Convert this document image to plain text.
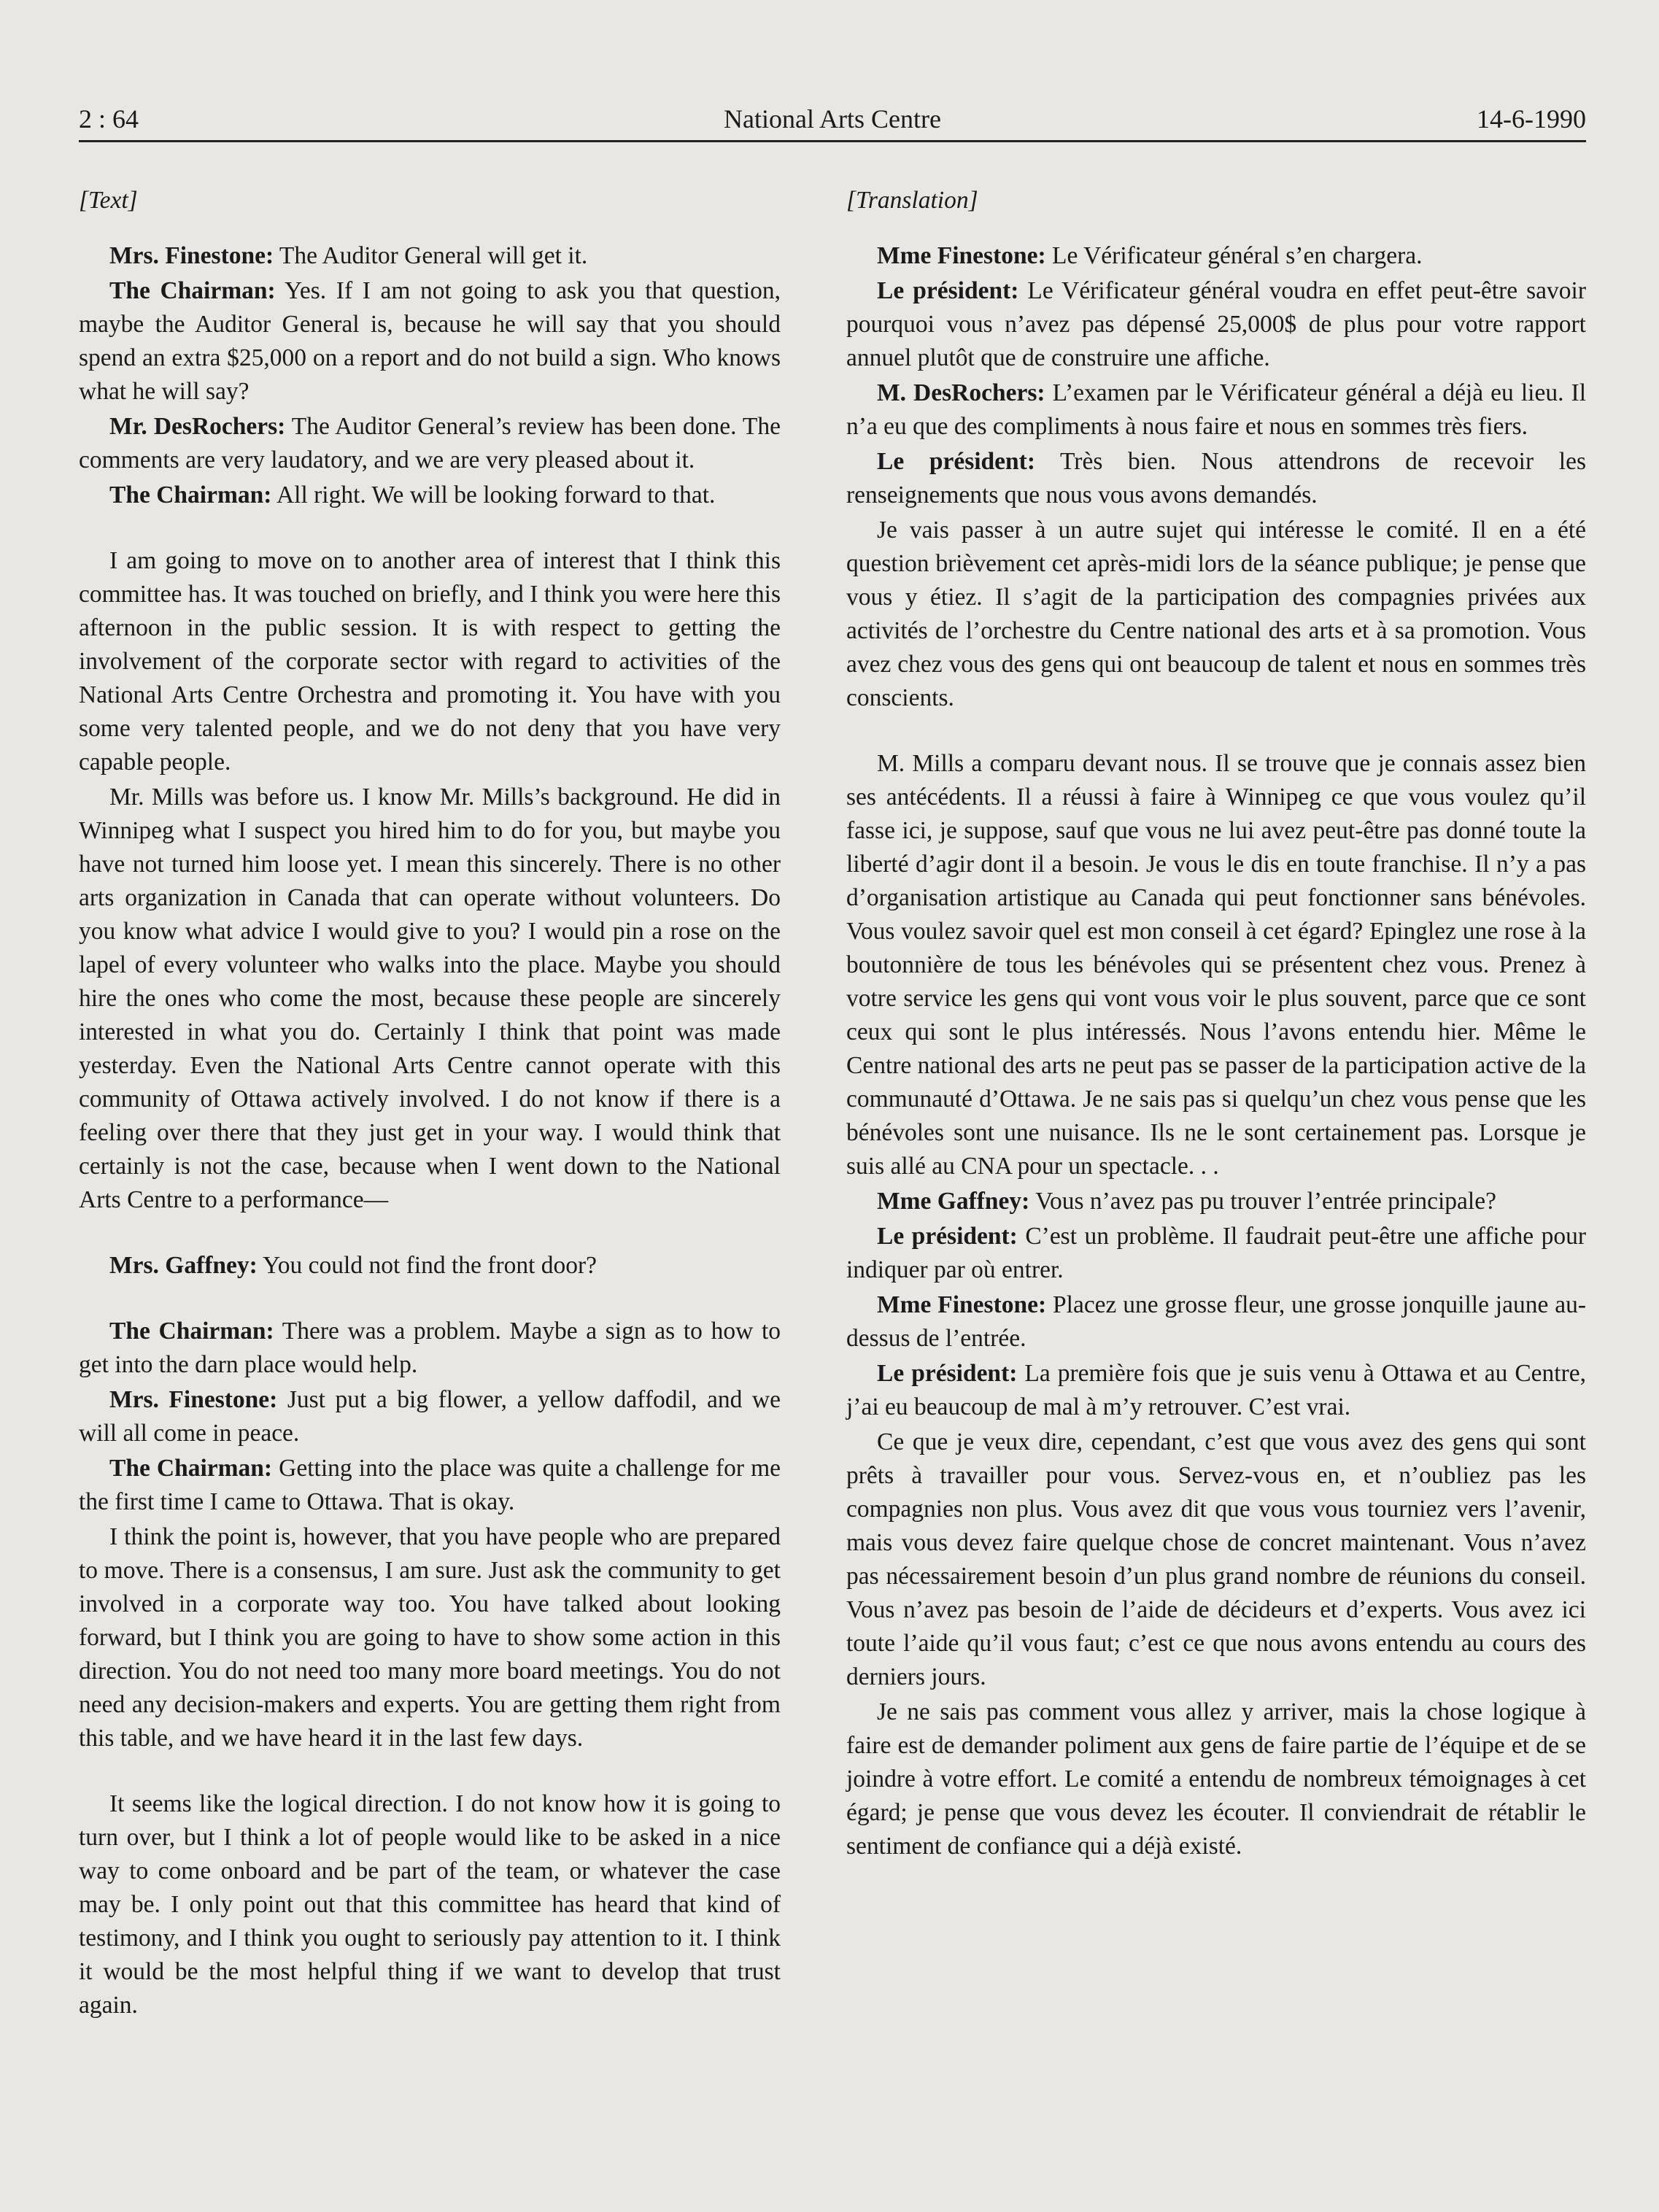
2 : 64	National Arts Centre	14-6-1990
[Text]

Mrs. Finestone: The Auditor General will get it.

The Chairman: Yes. If I am not going to ask you that question, maybe the Auditor General is, because he will say that you should spend an extra $25,000 on a report and do not build a sign. Who knows what he will say?

Mr. DesRochers: The Auditor General’s review has been done. The comments are very laudatory, and we are very pleased about it.

The Chairman: All right. We will be looking forward to that.

I am going to move on to another area of interest that I think this committee has. It was touched on briefly, and I think you were here this afternoon in the public session. It is with respect to getting the involvement of the corporate sector with regard to activities of the National Arts Centre Orchestra and promoting it. You have with you some very talented people, and we do not deny that you have very capable people.

Mr. Mills was before us. I know Mr. Mills’s background. He did in Winnipeg what I suspect you hired him to do for you, but maybe you have not turned him loose yet. I mean this sincerely. There is no other arts organization in Canada that can operate without volunteers. Do you know what advice I would give to you? I would pin a rose on the lapel of every volunteer who walks into the place. Maybe you should hire the ones who come the most, because these people are sincerely interested in what you do. Certainly I think that point was made yesterday. Even the National Arts Centre cannot operate with this community of Ottawa actively involved. I do not know if there is a feeling over there that they just get in your way. I would think that certainly is not the case, because when I went down to the National Arts Centre to a performance—

Mrs. Gaffney: You could not find the front door?

The Chairman: There was a problem. Maybe a sign as to how to get into the darn place would help.

Mrs. Finestone: Just put a big flower, a yellow daffodil, and we will all come in peace.

The Chairman: Getting into the place was quite a challenge for me the first time I came to Ottawa. That is okay.

I think the point is, however, that you have people who are prepared to move. There is a consensus, I am sure. Just ask the community to get involved in a corporate way too. You have talked about looking forward, but I think you are going to have to show some action in this direction. You do not need too many more board meetings. You do not need any decision-makers and experts. You are getting them right from this table, and we have heard it in the last few days.

It seems like the logical direction. I do not know how it is going to turn over, but I think a lot of people would like to be asked in a nice way to come onboard and be part of the team, or whatever the case may be. I only point out that this committee has heard that kind of testimony, and I think you ought to seriously pay attention to it. I think it would be the most helpful thing if we want to develop that trust again.

[Translation]

Mme Finestone: Le Vérificateur général s’en chargera.

Le président: Le Vérificateur général voudra en effet peut-être savoir pourquoi vous n’avez pas dépensé 25,000$ de plus pour votre rapport annuel plutôt que de construire une affiche.

M. DesRochers: L’examen par le Vérificateur général a déjà eu lieu. Il n’a eu que des compliments à nous faire et nous en sommes très fiers.

Le président: Très bien. Nous attendrons de recevoir les renseignements que nous vous avons demandés.

Je vais passer à un autre sujet qui intéresse le comité. Il en a été question brièvement cet après-midi lors de la séance publique; je pense que vous y étiez. Il s’agit de la participation des compagnies privées aux activités de l’orchestre du Centre national des arts et à sa promotion. Vous avez chez vous des gens qui ont beaucoup de talent et nous en sommes très conscients.

M. Mills a comparu devant nous. Il se trouve que je connais assez bien ses antécédents. Il a réussi à faire à Winnipeg ce que vous voulez qu’il fasse ici, je suppose, sauf que vous ne lui avez peut-être pas donné toute la liberté d’agir dont il a besoin. Je vous le dis en toute franchise. Il n’y a pas d’organisation artistique au Canada qui peut fonctionner sans bénévoles. Vous voulez savoir quel est mon conseil à cet égard? Epinglez une rose à la boutonnière de tous les bénévoles qui se présentent chez vous. Prenez à votre service les gens qui vont vous voir le plus souvent, parce que ce sont ceux qui sont le plus intéressés. Nous l’avons entendu hier. Même le Centre national des arts ne peut pas se passer de la participation active de la communauté d’Ottawa. Je ne sais pas si quelqu’un chez vous pense que les bénévoles sont une nuisance. Ils ne le sont certainement pas. Lorsque je suis allé au CNA pour un spectacle. . .

Mme Gaffney: Vous n’avez pas pu trouver l’entrée principale?

Le président: C’est un problème. Il faudrait peut-être une affiche pour indiquer par où entrer.

Mme Finestone: Placez une grosse fleur, une grosse jonquille jaune au-dessus de l’entrée.

Le président: La première fois que je suis venu à Ottawa et au Centre, j’ai eu beaucoup de mal à m’y retrouver. C’est vrai.

Ce que je veux dire, cependant, c’est que vous avez des gens qui sont prêts à travailler pour vous. Servez-vous en, et n’oubliez pas les compagnies non plus. Vous avez dit que vous vous tourniez vers l’avenir, mais vous devez faire quelque chose de concret maintenant. Vous n’avez pas nécessairement besoin d’un plus grand nombre de réunions du conseil. Vous n’avez pas besoin de l’aide de décideurs et d’experts. Vous avez ici toute l’aide qu’il vous faut; c’est ce que nous avons entendu au cours des derniers jours.

Je ne sais pas comment vous allez y arriver, mais la chose logique à faire est de demander poliment aux gens de faire partie de l’équipe et de se joindre à votre effort. Le comité a entendu de nombreux témoignages à cet égard; je pense que vous devez les écouter. Il conviendrait de rétablir le sentiment de confiance qui a déjà existé.
